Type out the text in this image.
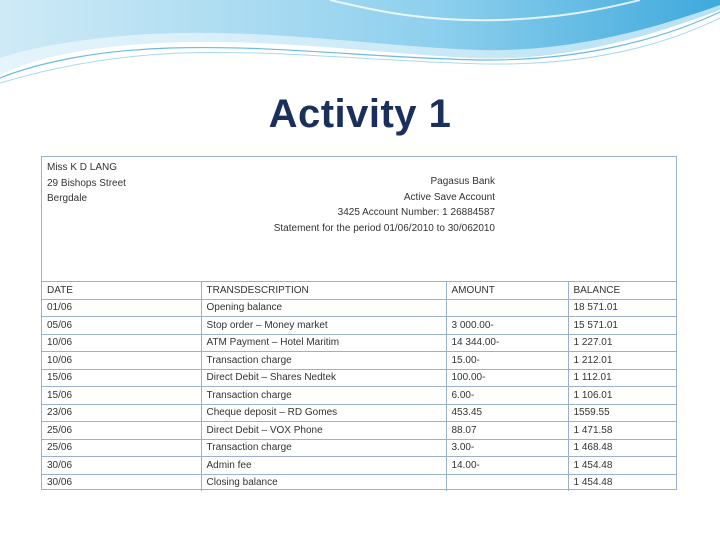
Activity 1
Miss K D LANG
29 Bishops Street
Bergdale
Pagasus Bank
Active Save Account
3425 Account Number: 1 26884587
Statement for the period 01/06/2010 to 30/062010
DATE	TRANSDESCRIPTION	AMOUNT	BALANCE
01/06	Opening balance		18 571.01
05/06	Stop order – Money market	3 000.00-	15 571.01
10/06	ATM Payment – Hotel Maritim	14 344.00-	1 227.01
10/06	Transaction charge	15.00-	1 212.01
15/06	Direct Debit – Shares Nedtek	100.00-	1 112.01
15/06	Transaction charge	6.00-	1 106.01
23/06	Cheque deposit – RD Gomes	453.45	1559.55
25/06	Direct Debit – VOX Phone	88.07	1 471.58
25/06	Transaction charge	3.00-	1 468.48
30/06	Admin fee	14.00-	1 454.48
30/06	Closing balance		1 454.48
